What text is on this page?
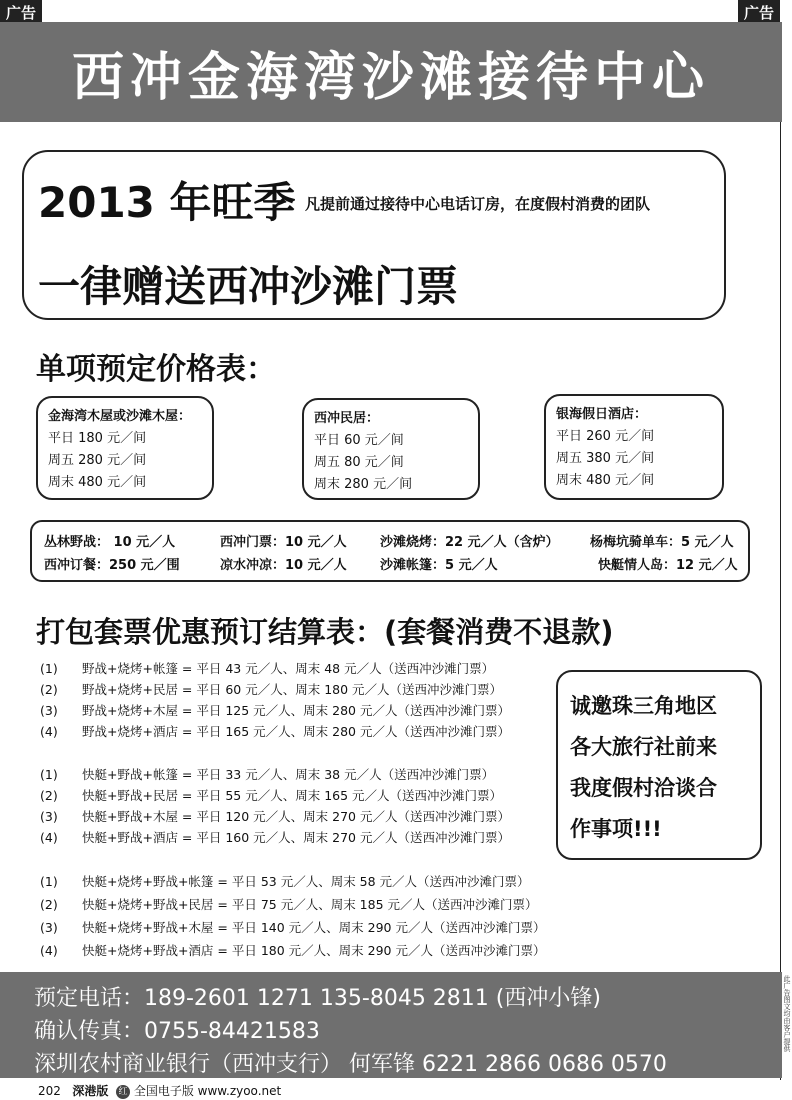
广告	广告
西冲金海湾沙滩接待中心
2013 年旺季 凡提前通过接待中心电话订房，在度假村消费的团队
一律赠送西冲沙滩门票
单项预定价格表：
金海湾木屋或沙滩木屋：
平日 180 元／间
周五 280 元／间
周末 480 元／间
西冲民居：
平日 60 元／间
周五 80 元／间
周末 280 元／间
银海假日酒店：
平日 260 元／间
周五 380 元／间
周末 480 元／间
丛林野战： 10 元／人	西冲门票：10 元／人	沙滩烧烤：22 元／人（含炉） 杨梅坑骑单车：5 元／人
西冲订餐：250 元／围	凉水冲凉：10 元／人	沙滩帐篷：5 元／人	快艇情人岛：12 元／人
打包套票优惠预订结算表：(套餐消费不退款)
(1) 野战+烧烤+帐篷 = 平日 43 元／人、周末 48 元／人（送西冲沙滩门票）
(2) 野战+烧烤+民居 = 平日 60 元／人、周末 180 元／人（送西冲沙滩门票）
(3) 野战+烧烤+木屋 = 平日 125 元／人、周末 280 元／人（送西冲沙滩门票）
(4) 野战+烧烤+酒店 = 平日 165 元／人、周末 280 元／人（送西冲沙滩门票）
(1) 快艇+野战+帐篷 = 平日 33 元／人、周末 38 元／人（送西冲沙滩门票）
(2) 快艇+野战+民居 = 平日 55 元／人、周末 165 元／人（送西冲沙滩门票）
(3) 快艇+野战+木屋 = 平日 120 元／人、周末 270 元／人（送西冲沙滩门票）
(4) 快艇+野战+酒店 = 平日 160 元／人、周末 270 元／人（送西冲沙滩门票）
(1) 快艇+烧烤+野战+帐篷 = 平日 53 元／人、周末 58 元／人（送西冲沙滩门票）
(2) 快艇+烧烤+野战+民居 = 平日 75 元／人、周末 185 元／人（送西冲沙滩门票）
(3) 快艇+烧烤+野战+木屋 = 平日 140 元／人、周末 290 元／人（送西冲沙滩门票）
(4) 快艇+烧烤+野战+酒店 = 平日 180 元／人、周末 290 元／人（送西冲沙滩门票）
诚邀珠三角地区
各大旅行社前来
我度假村洽谈合
作事项!!!
预定电话：189-2601 1271 135-8045 2811 (西冲小锋)
确认传真：0755-84421583
深圳农村商业银行（西冲支行） 何军锋 6221 2866 0686 0570
此广告图文均由客户提供
202 深港版 红 全国电子版 www.zyoo.net
